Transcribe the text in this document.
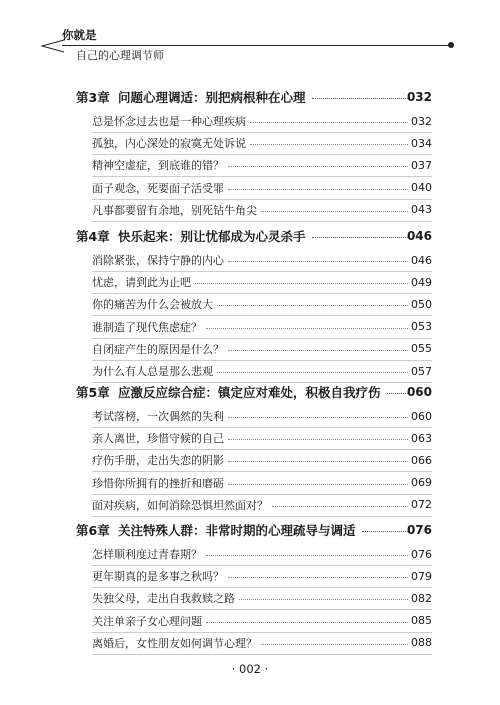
你就是
自己的心理调节师
第3章 问题心理调适：别把病根种在心理	032
总是怀念过去也是一种心理疾病	032
孤独，内心深处的寂寞无处诉说	034
精神空虚症，到底谁的错？	037
面子观念，死要面子活受罪	040
凡事都要留有余地，别死钻牛角尖	043
第4章 快乐起来：别让忧郁成为心灵杀手	046
消除紧张，保持宁静的内心	046
忧虑，请到此为止吧	049
你的痛苦为什么会被放大	050
谁制造了现代焦虑症？	053
自闭症产生的原因是什么？	055
为什么有人总是那么悲观	057
第5章 应激反应综合症：镇定应对难处，积极自我疗伤 060
考试落榜，一次偶然的失利	060
亲人离世，珍惜守候的自己	063
疗伤手册，走出失恋的阴影	066
珍惜你所拥有的挫折和磨砺	069
面对疾病，如何消除恐惧坦然面对？	072
第6章 关注特殊人群：非常时期的心理疏导与调适	076
怎样顺利度过青春期？	076
更年期真的是多事之秋吗？	079
失独父母，走出自我救赎之路	082
关注单亲子女心理问题	085
离婚后，女性朋友如何调节心理？	088
· 002 ·
